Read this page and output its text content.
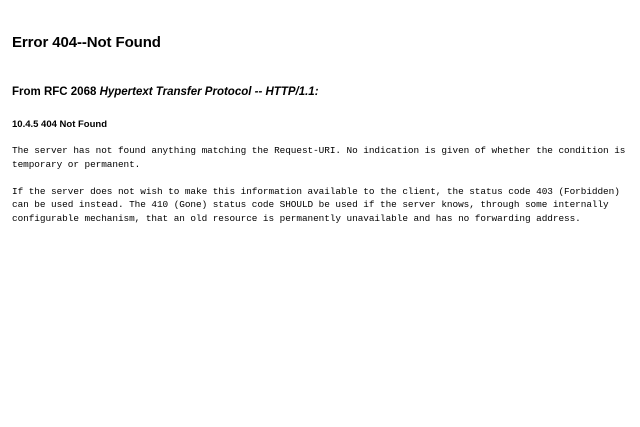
Error 404--Not Found
From RFC 2068 Hypertext Transfer Protocol -- HTTP/1.1:
10.4.5 404 Not Found

The server has not found anything matching the Request-URI. No indication is given of whether the condition is temporary or permanent.

If the server does not wish to make this information available to the client, the status code 403 (Forbidden) can be used instead. The 410 (Gone) status code SHOULD be used if the server knows, through some internally configurable mechanism, that an old resource is permanently unavailable and has no forwarding address.
